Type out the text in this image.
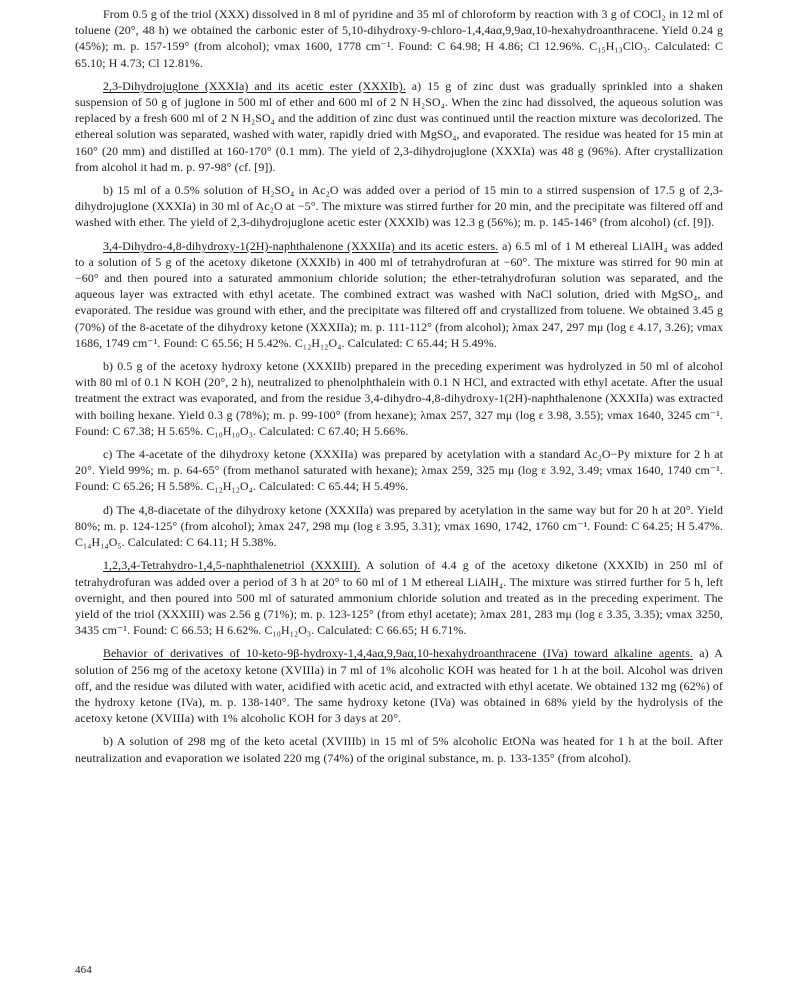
From 0.5 g of the triol (XXX) dissolved in 8 ml of pyridine and 35 ml of chloroform by reaction with 3 g of COCl₂ in 12 ml of toluene (20°, 48 h) we obtained the carbonic ester of 5,10-dihydroxy-9-chloro-1,4,4aα,9,9aα,10-hexahydroanthracene. Yield 0.24 g (45%); m. p. 157-159° (from alcohol); νmax 1600, 1778 cm⁻¹. Found: C 64.98; H 4.86; Cl 12.96%. C₁₅H₁₃ClO₃. Calculated: C 65.10; H 4.73; Cl 12.81%.

2,3-Dihydrojuglone (XXXIa) and its acetic ester (XXXIb). a) 15 g of zinc dust was gradually sprinkled into a shaken suspension of 50 g of juglone in 500 ml of ether and 600 ml of 2 N H₂SO₄. When the zinc had dissolved, the aqueous solution was replaced by a fresh 600 ml of 2 N H₂SO₄ and the addition of zinc dust was continued until the reaction mixture was decolorized. The ethereal solution was separated, washed with water, rapidly dried with MgSO₄, and evaporated. The residue was heated for 15 min at 160° (20 mm) and distilled at 160-170° (0.1 mm). The yield of 2,3-dihydrojuglone (XXXIa) was 48 g (96%). After crystallization from alcohol it had m. p. 97-98° (cf. [9]).

b) 15 ml of a 0.5% solution of H₂SO₄ in Ac₂O was added over a period of 15 min to a stirred suspension of 17.5 g of 2,3-dihydrojuglone (XXXIa) in 30 ml of Ac₂O at −5°. The mixture was stirred further for 20 min, and the precipitate was filtered off and washed with ether. The yield of 2,3-dihydrojuglone acetic ester (XXXIb) was 12.3 g (56%); m. p. 145-146° (from alcohol) (cf. [9]).

3,4-Dihydro-4,8-dihydroxy-1(2H)-naphthalenone (XXXIIa) and its acetic esters. a) 6.5 ml of 1 M ethereal LiAlH₄ was added to a solution of 5 g of the acetoxy diketone (XXXIb) in 400 ml of tetrahydrofuran at −60°. The mixture was stirred for 90 min at −60° and then poured into a saturated ammonium chloride solution; the ether-tetrahydrofuran solution was separated, and the aqueous layer was extracted with ethyl acetate. The combined extract was washed with NaCl solution, dried with MgSO₄, and evaporated. The residue was ground with ether, and the precipitate was filtered off and crystallized from toluene. We obtained 3.45 g (70%) of the 8-acetate of the dihydroxy ketone (XXXIIa); m. p. 111-112° (from alcohol); λmax 247, 297 mμ (log ε 4.17, 3.26); νmax 1686, 1749 cm⁻¹. Found: C 65.56; H 5.42%. C₁₂H₁₂O₄. Calculated: C 65.44; H 5.49%.

b) 0.5 g of the acetoxy hydroxy ketone (XXXIIb) prepared in the preceding experiment was hydrolyzed in 50 ml of alcohol with 80 ml of 0.1 N KOH (20°, 2 h), neutralized to phenolphthalein with 0.1 N HCl, and extracted with ethyl acetate. After the usual treatment the extract was evaporated, and from the residue 3,4-dihydro-4,8-dihydroxy-1(2H)-naphthalenone (XXXIIa) was extracted with boiling hexane. Yield 0.3 g (78%); m. p. 99-100° (from hexane); λmax 257, 327 mμ (log ε 3.98, 3.55); νmax 1640, 3245 cm⁻¹. Found: C 67.38; H 5.65%. C₁₀H₁₀O₃. Calculated: C 67.40; H 5.66%.

c) The 4-acetate of the dihydroxy ketone (XXXIIa) was prepared by acetylation with a standard Ac₂O−Py mixture for 2 h at 20°. Yield 99%; m. p. 64-65° (from methanol saturated with hexane); λmax 259, 325 mμ (log ε 3.92, 3.49; νmax 1640, 1740 cm⁻¹. Found: C 65.26; H 5.58%. C₁₂H₁₂O₄. Calculated: C 65.44; H 5.49%.

d) The 4,8-diacetate of the dihydroxy ketone (XXXIIa) was prepared by acetylation in the same way but for 20 h at 20°. Yield 80%; m. p. 124-125° (from alcohol); λmax 247, 298 mμ (log ε 3.95, 3.31); νmax 1690, 1742, 1760 cm⁻¹. Found: C 64.25; H 5.47%. C₁₄H₁₄O₅. Calculated: C 64.11; H 5.38%.

1,2,3,4-Tetrahydro-1,4,5-naphthalenetriol (XXXIII). A solution of 4.4 g of the acetoxy diketone (XXXIb) in 250 ml of tetrahydrofuran was added over a period of 3 h at 20° to 60 ml of 1 M ethereal LiAlH₄. The mixture was stirred further for 5 h, left overnight, and then poured into 500 ml of saturated ammonium chloride solution and treated as in the preceding experiment. The yield of the triol (XXXIII) was 2.56 g (71%); m. p. 123-125° (from ethyl acetate); λmax 281, 283 mμ (log ε 3.35, 3.35); νmax 3250, 3435 cm⁻¹. Found: C 66.53; H 6.62%. C₁₀H₁₂O₃. Calculated: C 66.65; H 6.71%.

Behavior of derivatives of 10-keto-9β-hydroxy-1,4,4aα,9,9aα,10-hexahydroanthracene (IVa) toward alkaline agents. a) A solution of 256 mg of the acetoxy ketone (XVIIIa) in 7 ml of 1% alcoholic KOH was heated for 1 h at the boil. Alcohol was driven off, and the residue was diluted with water, acidified with acetic acid, and extracted with ethyl acetate. We obtained 132 mg (62%) of the hydroxy ketone (IVa), m. p. 138-140°. The same hydroxy ketone (IVa) was obtained in 68% yield by the hydrolysis of the acetoxy ketone (XVIIIa) with 1% alcoholic KOH for 3 days at 20°.

b) A solution of 298 mg of the keto acetal (XVIIIb) in 15 ml of 5% alcoholic EtONa was heated for 1 h at the boil. After neutralization and evaporation we isolated 220 mg (74%) of the original substance, m. p. 133-135° (from alcohol).

464
